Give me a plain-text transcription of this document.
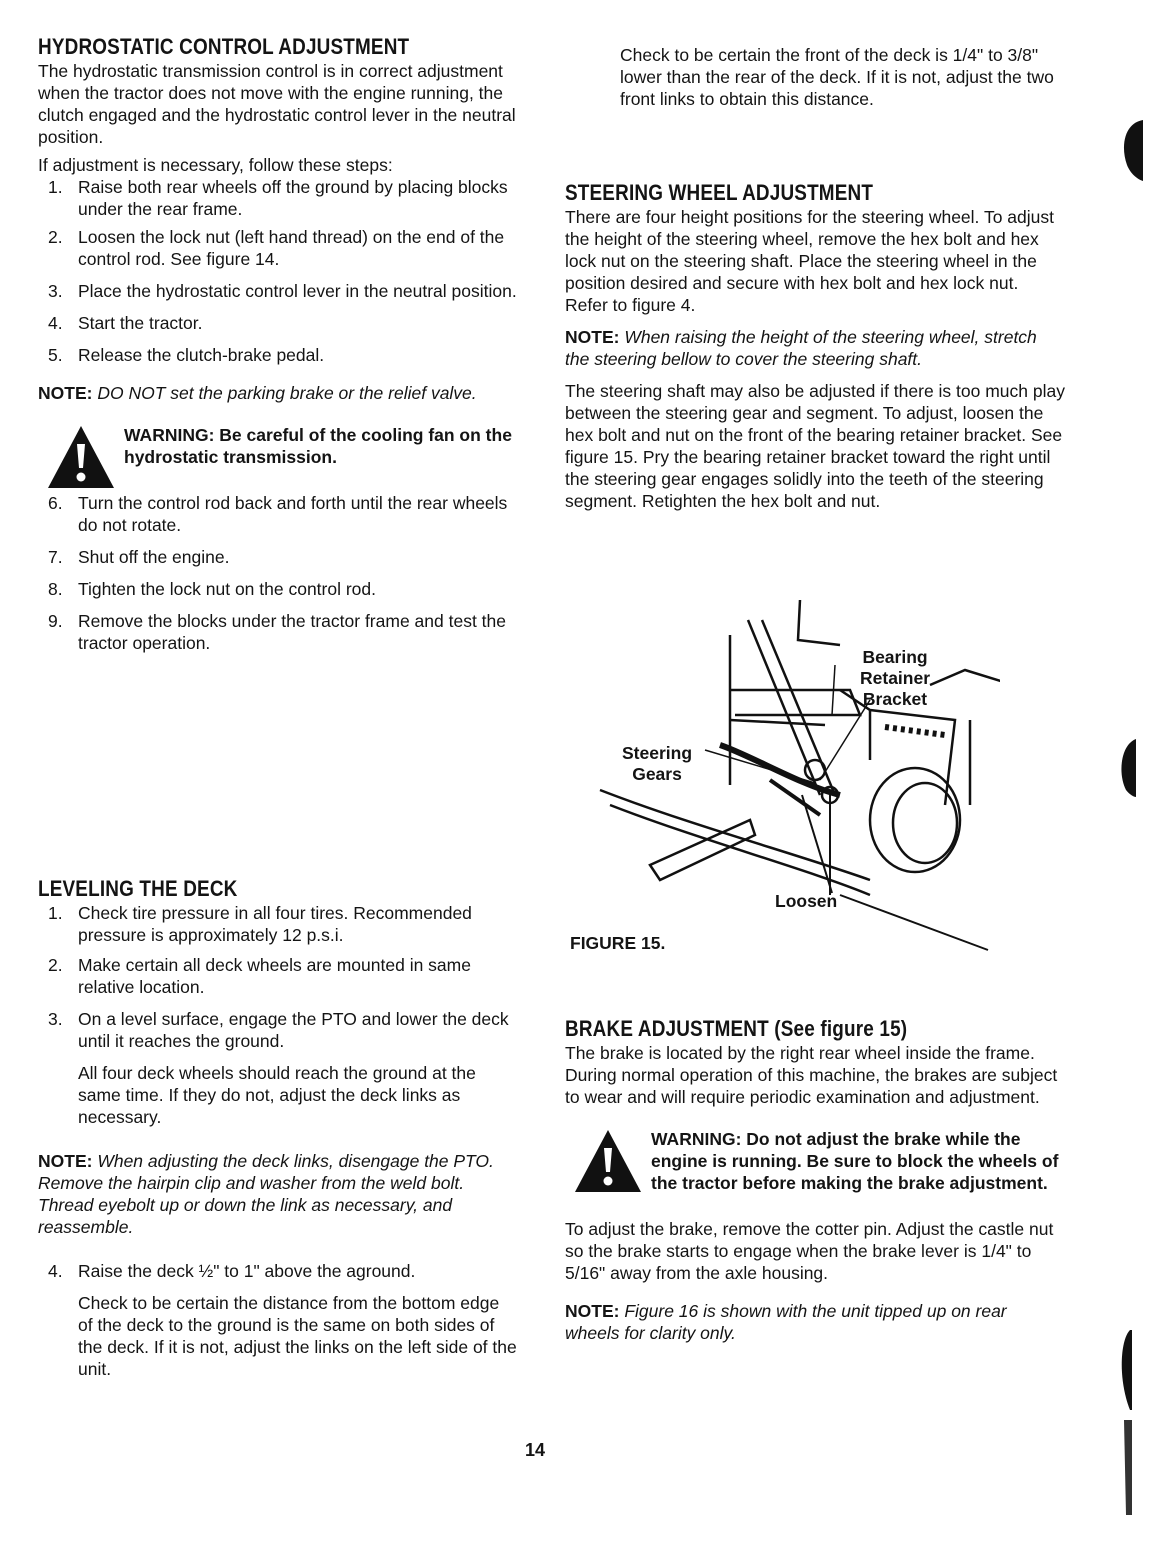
HYDROSTATIC CONTROL ADJUSTMENT

The hydrostatic transmission control is in correct adjustment when the tractor does not move with the engine running, the clutch engaged and the hydrostatic control lever in the neutral position.

If adjustment is necessary, follow these steps:

1. Raise both rear wheels off the ground by placing blocks under the rear frame.
2. Loosen the lock nut (left hand thread) on the end of the control rod. See figure 14.
3. Place the hydrostatic control lever in the neutral position.
4. Start the tractor.
5. Release the clutch-brake pedal.

NOTE: DO NOT set the parking brake or the relief valve.

WARNING: Be careful of the cooling fan on the hydrostatic transmission.

6. Turn the control rod back and forth until the rear wheels do not rotate.
7. Shut off the engine.
8. Tighten the lock nut on the control rod.
9. Remove the blocks under the tractor frame and test the tractor operation.
LEVELING THE DECK
1. Check tire pressure in all four tires. Recommended pressure is approximately 12 p.s.i.
2. Make certain all deck wheels are mounted in same relative location.
3. On a level surface, engage the PTO and lower the deck until it reaches the ground.
All four deck wheels should reach the ground at the same time. If they do not, adjust the deck links as necessary.

NOTE: When adjusting the deck links, disengage the PTO. Remove the hairpin clip and washer from the weld bolt. Thread eyebolt up or down the link as necessary, and reassemble.

4. Raise the deck ½" to 1" above the aground.
Check to be certain the distance from the bottom edge of the deck to the ground is the same on both sides of the deck. If it is not, adjust the links on the left side of the unit.

Check to be certain the front of the deck is 1/4" to 3/8" lower than the rear of the deck. If it is not, adjust the two front links to obtain this distance.

STEERING WHEEL ADJUSTMENT

There are four height positions for the steering wheel. To adjust the height of the steering wheel, remove the hex bolt and hex lock nut on the steering shaft. Place the steering wheel in the position desired and secure with hex bolt and hex lock nut. Refer to figure 4.

NOTE: When raising the height of the steering wheel, stretch the steering bellow to cover the steering shaft.

The steering shaft may also be adjusted if there is too much play between the steering gear and segment. To adjust, loosen the hex bolt and nut on the front of the bearing retainer bracket. See figure 15. Pry the bearing retainer bracket toward the right until the steering gear engages solidly into the teeth of the steering segment. Retighten the hex bolt and nut.

Bearing
Retainer
Bracket
Steering
Gears
Loosen
FIGURE 15.
BRAKE ADJUSTMENT (See figure 15)

The brake is located by the right rear wheel inside the frame. During normal operation of this machine, the brakes are subject to wear and will require periodic examination and adjustment.

WARNING: Do not adjust the brake while the engine is running. Be sure to block the wheels of the tractor before making the brake adjustment.

To adjust the brake, remove the cotter pin. Adjust the castle nut so the brake starts to engage when the brake lever is 1/4" to 5/16" away from the axle housing.

NOTE: Figure 16 is shown with the unit tipped up on rear wheels for clarity only.

14
